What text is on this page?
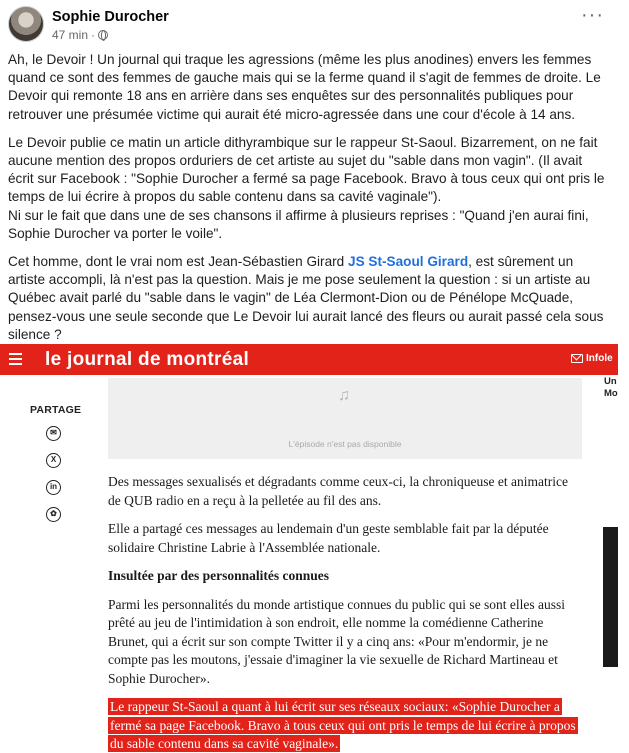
Sophie Durocher
47 min ·
···

Ah, le Devoir ! Un journal qui traque les agressions (même les plus anodines) envers les femmes quand ce sont des femmes de gauche mais qui se la ferme quand il s'agit de femmes de droite. Le Devoir qui remonte 18 ans en arrière dans ses enquêtes sur des personnalités publiques pour retrouver une présumée victime qui aurait été micro-agressée dans une cour d'école à 14 ans.

Le Devoir publie ce matin un article dithyrambique sur le rappeur St-Saoul. Bizarrement, on ne fait aucune mention des propos orduriers de cet artiste au sujet du "sable dans mon vagin". (Il avait écrit sur Facebook : "Sophie Durocher a fermé sa page Facebook. Bravo à tous ceux qui ont pris le temps de lui écrire à propos du sable contenu dans sa cavité vaginale").

Ni sur le fait que dans une de ses chansons il affirme à plusieurs reprises : "Quand j'en aurai fini, Sophie Durocher va porter le voile".

Cet homme, dont le vrai nom est Jean-Sébastien Girard JS St-Saoul Girard, est sûrement un artiste accompli, là n'est pas la question. Mais je me pose seulement la question : si un artiste au Québec avait parlé du "sable dans le vagin" de Léa Clermont-Dion ou de Pénélope McQuade, pensez-vous une seule seconde que Le Devoir lui aurait lancé des fleurs ou aurait passé cela sous silence ?

le journal de montréal	Infole
Un
Mo
♫
L'épisode n'est pas disponible
PARTAGE
✉
X
in
✿

Des messages sexualisés et dégradants comme ceux-ci, la chroniqueuse et animatrice de QUB radio en a reçu à la pelletée au fil des ans.

Elle a partagé ces messages au lendemain d'un geste semblable fait par la députée solidaire Christine Labrie à l'Assemblée nationale.

Insultée par des personnalités connues

Parmi les personnalités du monde artistique connues du public qui se sont elles aussi prêté au jeu de l'intimidation à son endroit, elle nomme la comédienne Catherine Brunet, qui a écrit sur son compte Twitter il y a cinq ans: «Pour m'endormir, je ne compte pas les moutons, j'essaie d'imaginer la vie sexuelle de Richard Martineau et Sophie Durocher».

Le rappeur St-Saoul a quant à lui écrit sur ses réseaux sociaux: «Sophie Durocher a fermé sa page Facebook. Bravo à tous ceux qui ont pris le temps de lui écrire à propos du sable contenu dans sa cavité vaginale».
